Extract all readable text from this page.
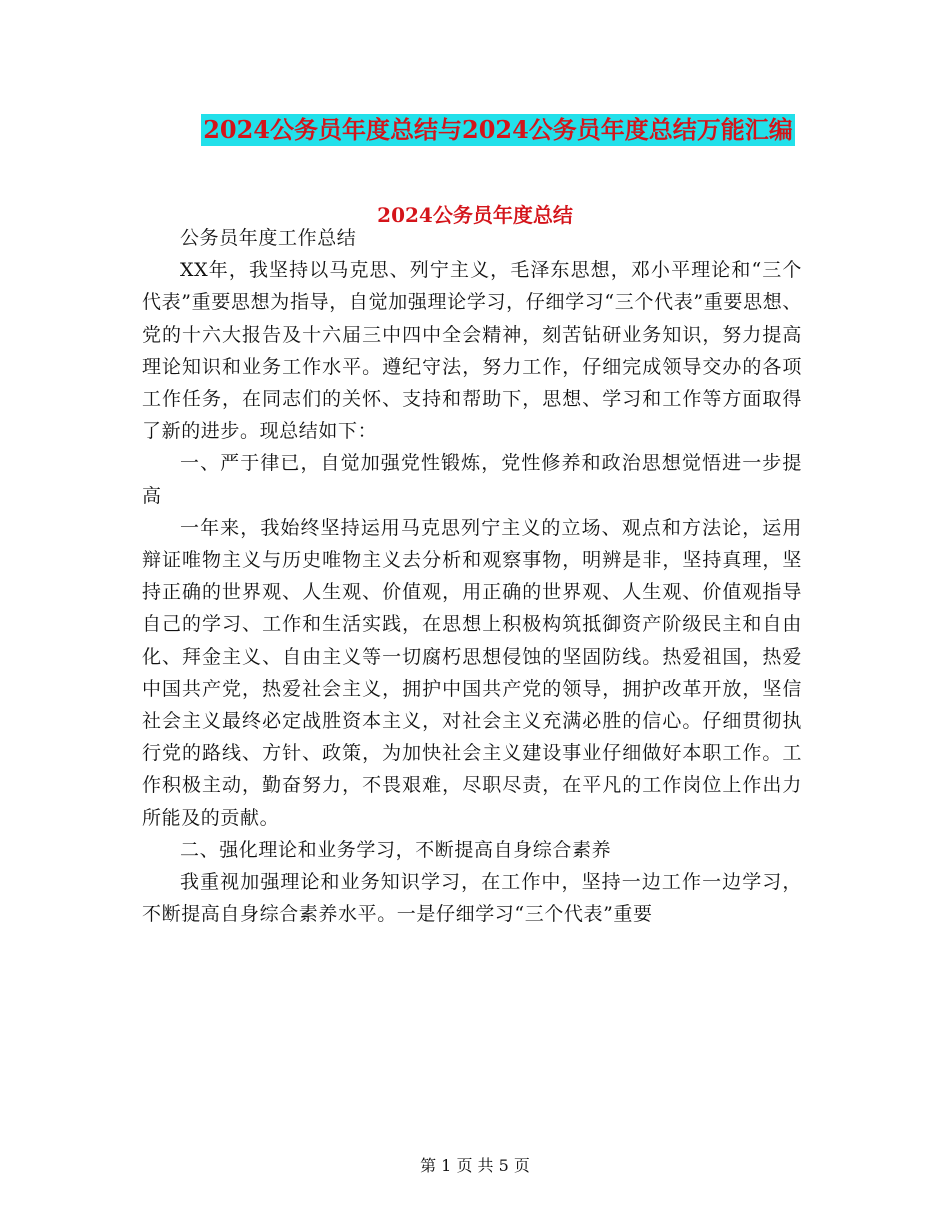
2024公务员年度总结与2024公务员年度总结万能汇编
2024公务员年度总结

公务员年度工作总结

XX年，我坚持以马克思、列宁主义，毛泽东思想，邓小平理论和“三个代表”重要思想为指导，自觉加强理论学习，仔细学习“三个代表”重要思想、党的十六大报告及十六届三中四中全会精神，刻苦钻研业务知识，努力提高理论知识和业务工作水平。遵纪守法，努力工作，仔细完成领导交办的各项工作任务，在同志们的关怀、支持和帮助下，思想、学习和工作等方面取得了新的进步。现总结如下：

一、严于律已，自觉加强党性锻炼，党性修养和政治思想觉悟进一步提高

一年来，我始终坚持运用马克思列宁主义的立场、观点和方法论，运用辩证唯物主义与历史唯物主义去分析和观察事物，明辨是非，坚持真理，坚持正确的世界观、人生观、价值观，用正确的世界观、人生观、价值观指导自己的学习、工作和生活实践，在思想上积极构筑抵御资产阶级民主和自由化、拜金主义、自由主义等一切腐朽思想侵蚀的坚固防线。热爱祖国，热爱中国共产党，热爱社会主义，拥护中国共产党的领导，拥护改革开放，坚信社会主义最终必定战胜资本主义，对社会主义充满必胜的信心。仔细贯彻执行党的路线、方针、政策，为加快社会主义建设事业仔细做好本职工作。工作积极主动，勤奋努力，不畏艰难，尽职尽责，在平凡的工作岗位上作出力所能及的贡献。

二、强化理论和业务学习，不断提高自身综合素养

我重视加强理论和业务知识学习，在工作中，坚持一边工作一边学习，不断提高自身综合素养水平。一是仔细学习“三个代表”重要

第 1 页 共 5 页
